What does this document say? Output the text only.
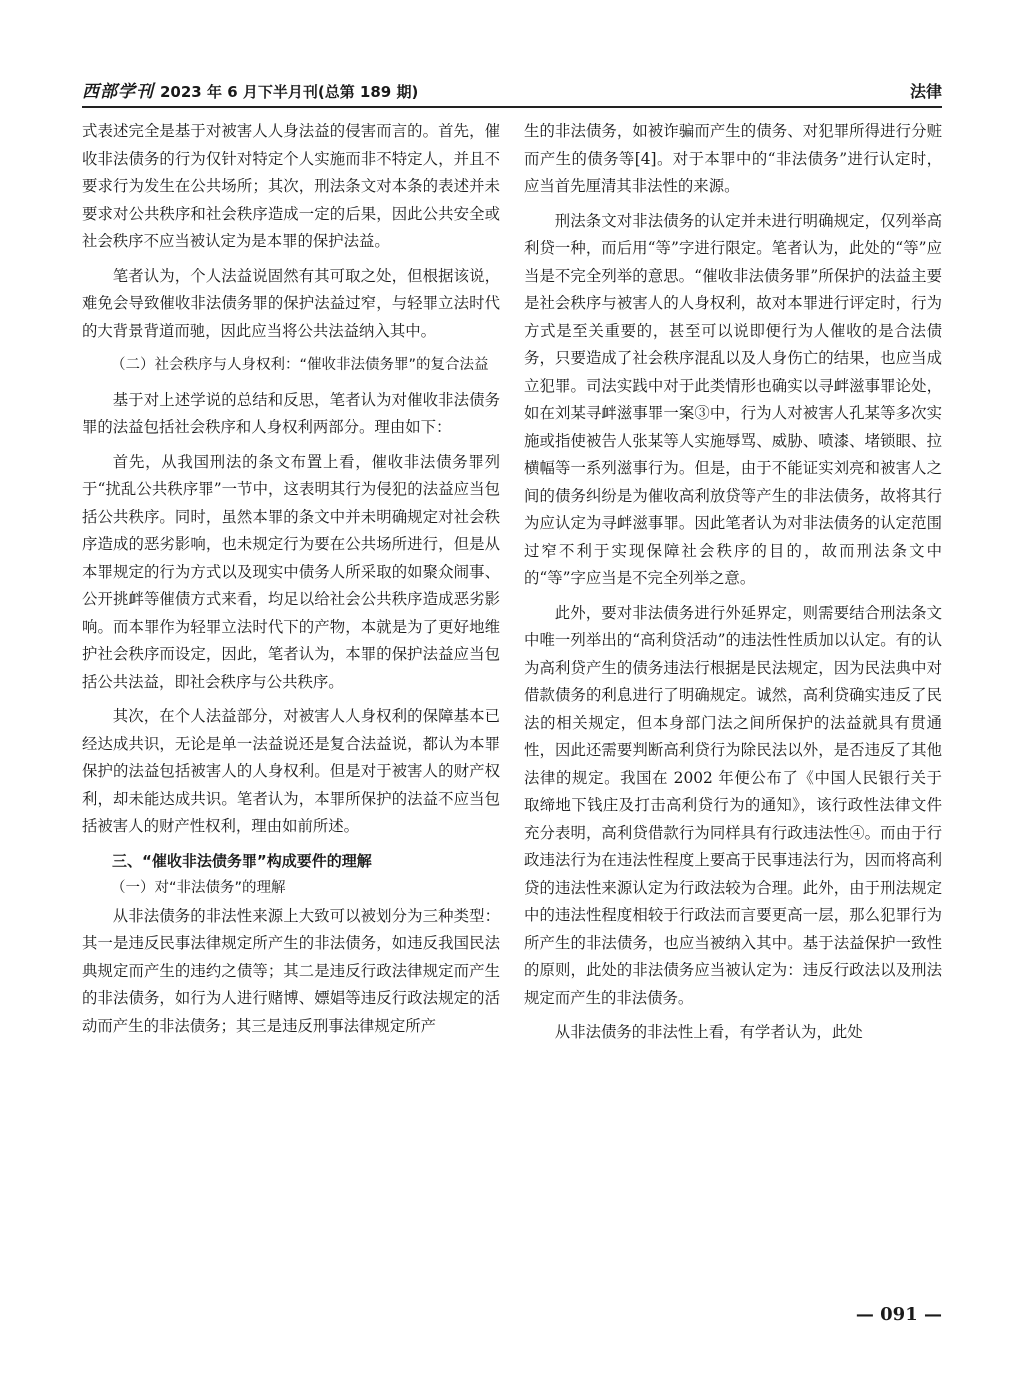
西部学刊 2023 年 6 月下半月刊(总第 189 期)	法律

式表述完全是基于对被害人人身法益的侵害而言的。首先，催收非法债务的行为仅针对特定个人实施而非不特定人，并且不要求行为发生在公共场所；其次，刑法条文对本条的表述并未要求对公共秩序和社会秩序造成一定的后果，因此公共安全或社会秩序不应当被认定为是本罪的保护法益。

笔者认为，个人法益说固然有其可取之处，但根据该说，难免会导致催收非法债务罪的保护法益过窄，与轻罪立法时代的大背景背道而驰，因此应当将公共法益纳入其中。

（二）社会秩序与人身权利：“催收非法债务罪”的复合法益

基于对上述学说的总结和反思，笔者认为对催收非法债务罪的法益包括社会秩序和人身权利两部分。理由如下：

首先，从我国刑法的条文布置上看，催收非法债务罪列于“扰乱公共秩序罪”一节中，这表明其行为侵犯的法益应当包括公共秩序。同时，虽然本罪的条文中并未明确规定对社会秩序造成的恶劣影响，也未规定行为要在公共场所进行，但是从本罪规定的行为方式以及现实中债务人所采取的如聚众闹事、公开挑衅等催债方式来看，均足以给社会公共秩序造成恶劣影响。而本罪作为轻罪立法时代下的产物，本就是为了更好地维护社会秩序而设定，因此，笔者认为，本罪的保护法益应当包括公共法益，即社会秩序与公共秩序。

其次，在个人法益部分，对被害人人身权利的保障基本已经达成共识，无论是单一法益说还是复合法益说，都认为本罪保护的法益包括被害人的人身权利。但是对于被害人的财产权利，却未能达成共识。笔者认为，本罪所保护的法益不应当包括被害人的财产性权利，理由如前所述。

三、“催收非法债务罪”构成要件的理解

（一）对“非法债务”的理解

从非法债务的非法性来源上大致可以被划分为三种类型：其一是违反民事法律规定所产生的非法债务，如违反我国民法典规定而产生的违约之债等；其二是违反行政法律规定而产生的非法债务，如行为人进行赌博、嫖娼等违反行政法规定的活动而产生的非法债务；其三是违反刑事法律规定所产

生的非法债务，如被诈骗而产生的债务、对犯罪所得进行分赃而产生的债务等[4]。对于本罪中的“非法债务”进行认定时，应当首先厘清其非法性的来源。

刑法条文对非法债务的认定并未进行明确规定，仅列举高利贷一种，而后用“等”字进行限定。笔者认为，此处的“等”应当是不完全列举的意思。“催收非法债务罪”所保护的法益主要是社会秩序与被害人的人身权利，故对本罪进行评定时，行为方式是至关重要的，甚至可以说即便行为人催收的是合法债务，只要造成了社会秩序混乱以及人身伤亡的结果，也应当成立犯罪。司法实践中对于此类情形也确实以寻衅滋事罪论处，如在刘某寻衅滋事罪一案③中，行为人对被害人孔某等多次实施或指使被告人张某等人实施辱骂、威胁、喷漆、堵锁眼、拉横幅等一系列滋事行为。但是，由于不能证实刘亮和被害人之间的债务纠纷是为催收高利放贷等产生的非法债务，故将其行为应认定为寻衅滋事罪。因此笔者认为对非法债务的认定范围过窄不利于实现保障社会秩序的目的，故而刑法条文中的“等”字应当是不完全列举之意。

此外，要对非法债务进行外延界定，则需要结合刑法条文中唯一列举出的“高利贷活动”的违法性性质加以认定。有的认为高利贷产生的债务违法行根据是民法规定，因为民法典中对借款债务的利息进行了明确规定。诚然，高利贷确实违反了民法的相关规定，但本身部门法之间所保护的法益就具有贯通性，因此还需要判断高利贷行为除民法以外，是否违反了其他法律的规定。我国在 2002 年便公布了《中国人民银行关于取缔地下钱庄及打击高利贷行为的通知》，该行政性法律文件充分表明，高利贷借款行为同样具有行政违法性④。而由于行政违法行为在违法性程度上要高于民事违法行为，因而将高利贷的违法性来源认定为行政法较为合理。此外，由于刑法规定中的违法性程度相较于行政法而言要更高一层，那么犯罪行为所产生的非法债务，也应当被纳入其中。基于法益保护一致性的原则，此处的非法债务应当被认定为：违反行政法以及刑法规定而产生的非法债务。

从非法债务的非法性上看，有学者认为，此处

— 091 —
